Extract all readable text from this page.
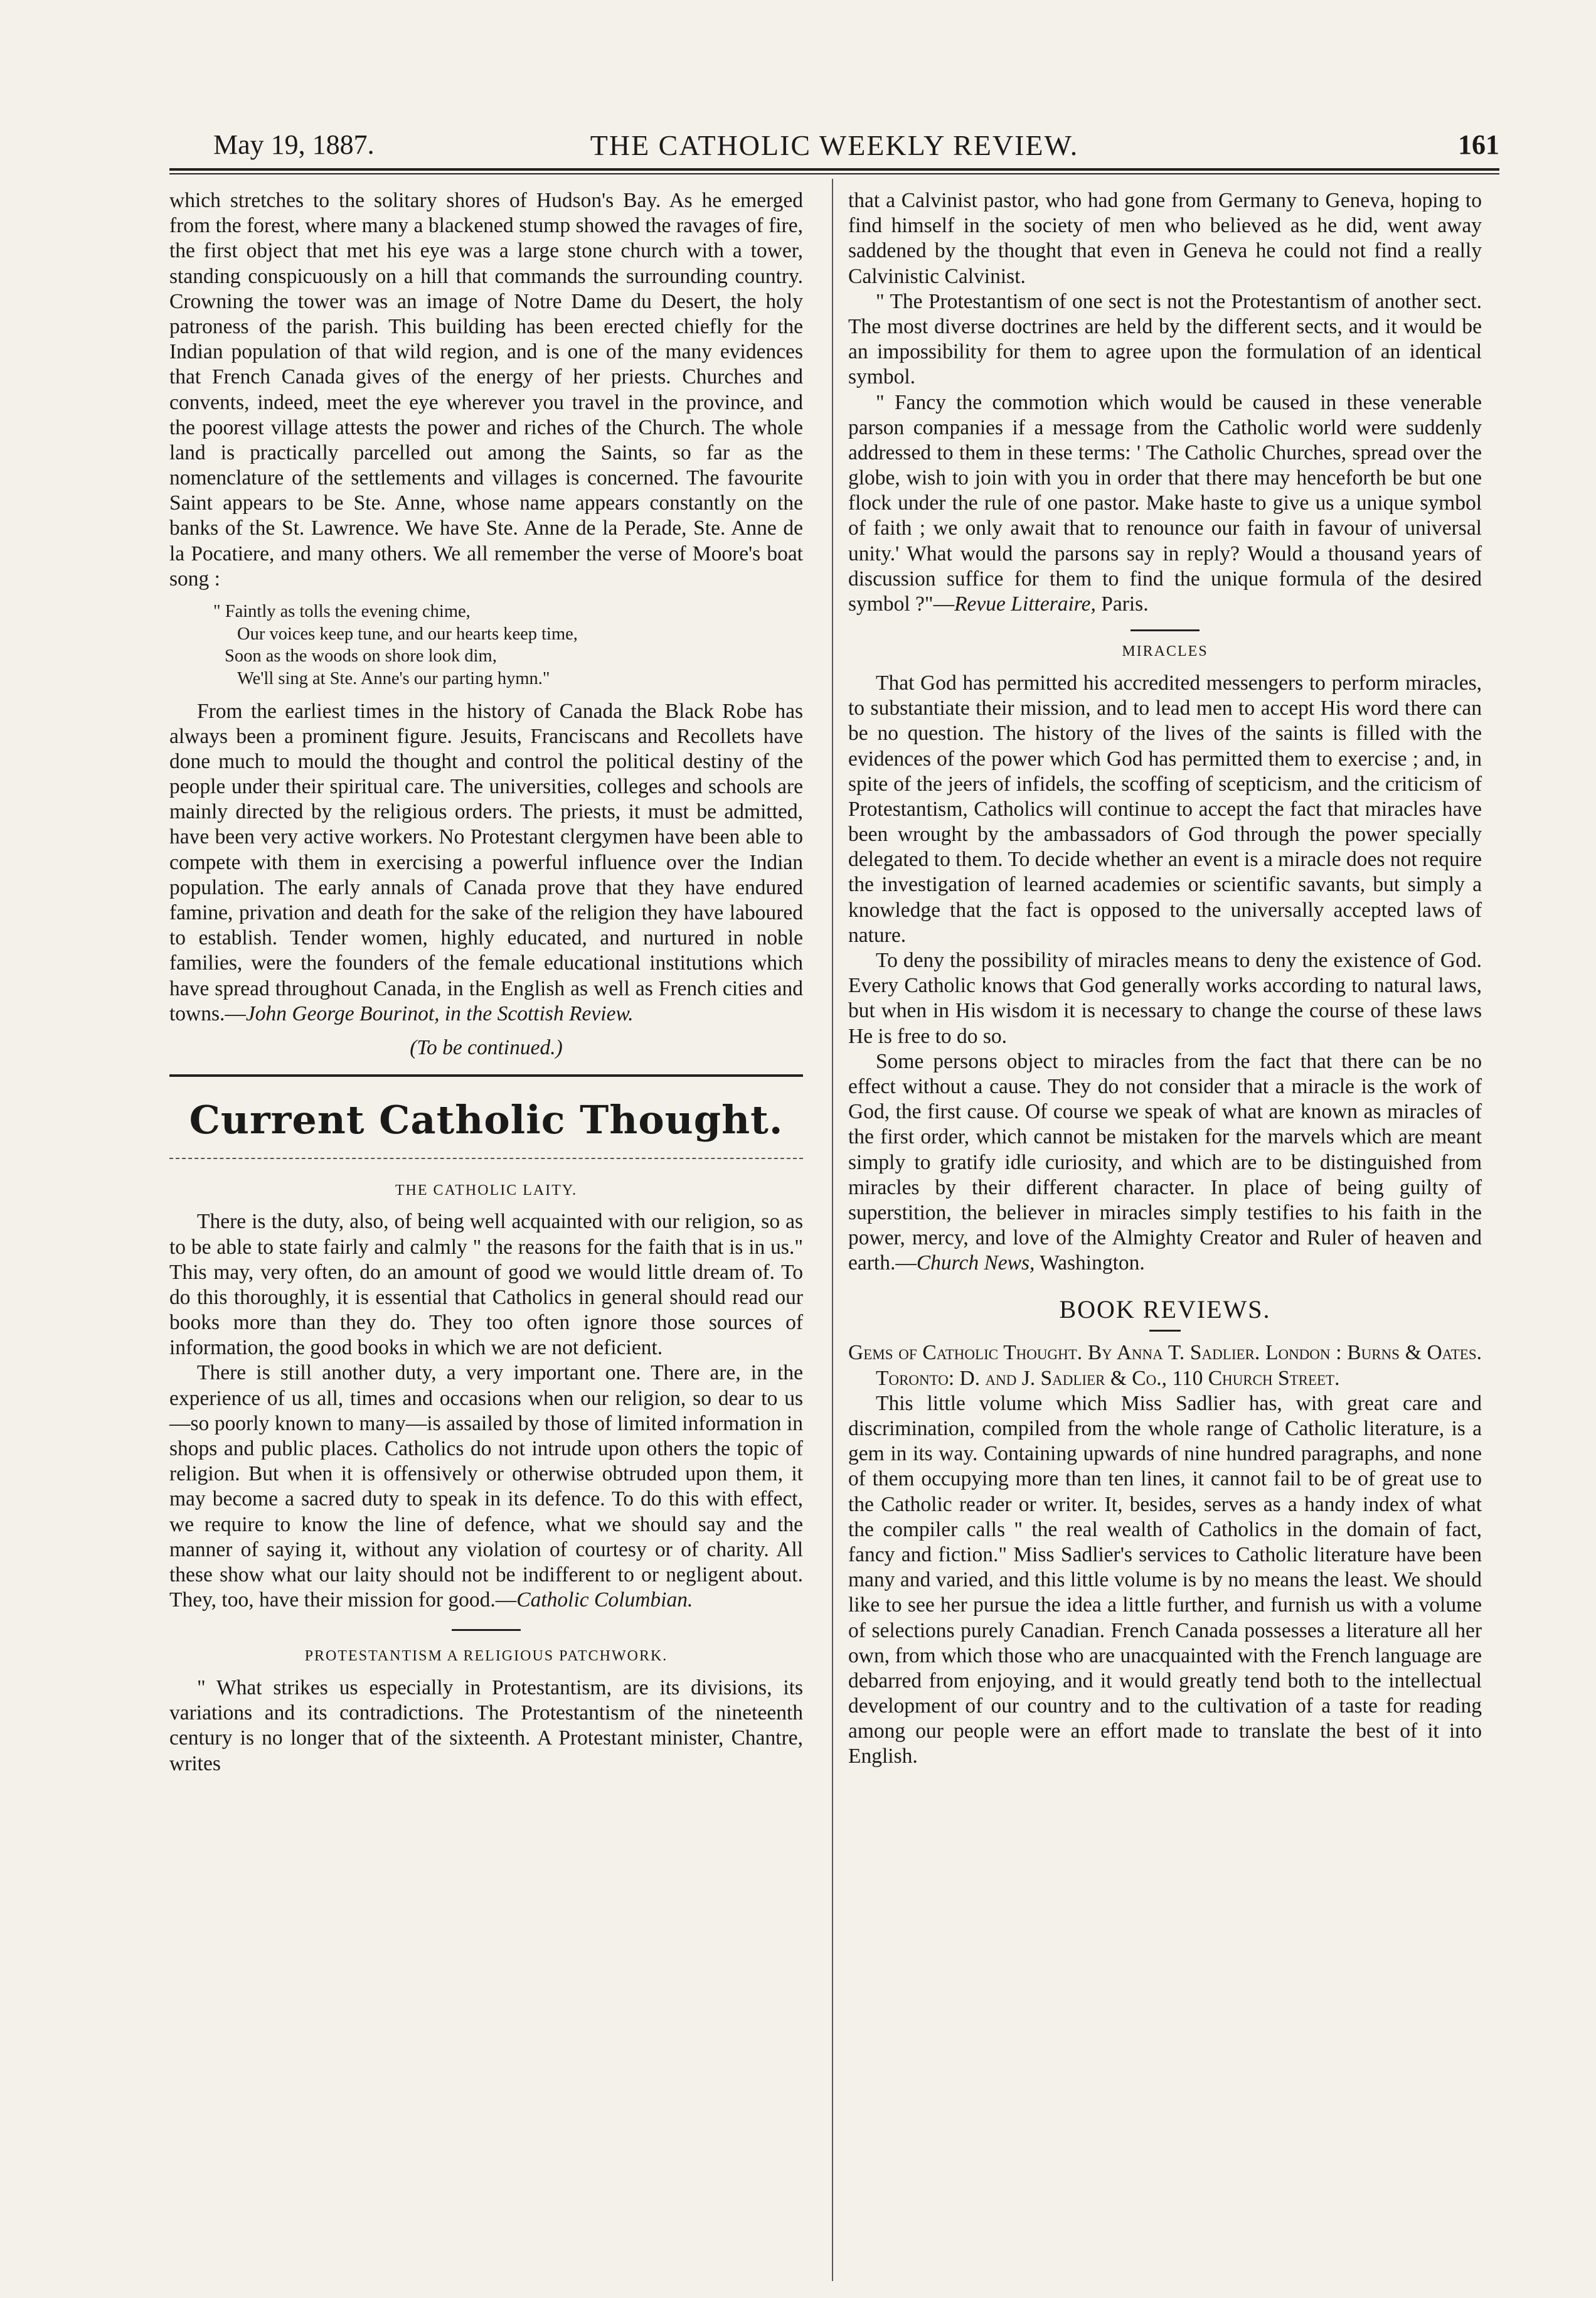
May 19, 1887.	THE CATHOLIC WEEKLY REVIEW.	161

which stretches to the solitary shores of Hudson's Bay. As he emerged from the forest, where many a blackened stump showed the ravages of fire, the first object that met his eye was a large stone church with a tower, standing conspicuously on a hill that commands the surrounding country. Crowning the tower was an image of Notre Dame du Desert, the holy patroness of the parish. This building has been erected chiefly for the Indian population of that wild region, and is one of the many evidences that French Canada gives of the energy of her priests. Churches and convents, indeed, meet the eye wherever you travel in the province, and the poorest village attests the power and riches of the Church. The whole land is practically parcelled out among the Saints, so far as the nomenclature of the settlements and villages is concerned. The favourite Saint appears to be Ste. Anne, whose name appears constantly on the banks of the St. Lawrence. We have Ste. Anne de la Perade, Ste. Anne de la Pocatiere, and many others. We all remember the verse of Moore's boat song :

" Faintly as tolls the evening chime,
Our voices keep tune, and our hearts keep time,
Soon as the woods on shore look dim,
We'll sing at Ste. Anne's our parting hymn."

From the earliest times in the history of Canada the Black Robe has always been a prominent figure. Jesuits, Franciscans and Recollets have done much to mould the thought and control the political destiny of the people under their spiritual care. The universities, colleges and schools are mainly directed by the religious orders. The priests, it must be admitted, have been very active workers. No Protestant clergymen have been able to compete with them in exercising a powerful influence over the Indian population. The early annals of Canada prove that they have endured famine, privation and death for the sake of the religion they have laboured to establish. Tender women, highly educated, and nurtured in noble families, were the founders of the female educational institutions which have spread throughout Canada, in the English as well as French cities and towns.—John George Bourinot, in the Scottish Review.

(To be continued.)
Current Catholic Thought.
THE CATHOLIC LAITY.

There is the duty, also, of being well acquainted with our religion, so as to be able to state fairly and calmly " the reasons for the faith that is in us." This may, very often, do an amount of good we would little dream of. To do this thoroughly, it is essential that Catholics in general should read our books more than they do. They too often ignore those sources of information, the good books in which we are not deficient.

There is still another duty, a very important one. There are, in the experience of us all, times and occasions when our religion, so dear to us—so poorly known to many—is assailed by those of limited information in shops and public places. Catholics do not intrude upon others the topic of religion. But when it is offensively or otherwise obtruded upon them, it may become a sacred duty to speak in its defence. To do this with effect, we require to know the line of defence, what we should say and the manner of saying it, without any violation of courtesy or of charity. All these show what our laity should not be indifferent to or negligent about. They, too, have their mission for good.—Catholic Columbian.

PROTESTANTISM A RELIGIOUS PATCHWORK.

" What strikes us especially in Protestantism, are its divisions, its variations and its contradictions. The Protestantism of the nineteenth century is no longer that of the sixteenth. A Protestant minister, Chantre, writes

that a Calvinist pastor, who had gone from Germany to Geneva, hoping to find himself in the society of men who believed as he did, went away saddened by the thought that even in Geneva he could not find a really Calvinistic Calvinist.

" The Protestantism of one sect is not the Protestantism of another sect. The most diverse doctrines are held by the different sects, and it would be an impossibility for them to agree upon the formulation of an identical symbol.

" Fancy the commotion which would be caused in these venerable parson companies if a message from the Catholic world were suddenly addressed to them in these terms: ' The Catholic Churches, spread over the globe, wish to join with you in order that there may henceforth be but one flock under the rule of one pastor. Make haste to give us a unique symbol of faith ; we only await that to renounce our faith in favour of universal unity.' What would the parsons say in reply? Would a thousand years of discussion suffice for them to find the unique formula of the desired symbol ?"—Revue Litteraire, Paris.

MIRACLES

That God has permitted his accredited messengers to perform miracles, to substantiate their mission, and to lead men to accept His word there can be no question. The history of the lives of the saints is filled with the evidences of the power which God has permitted them to exercise ; and, in spite of the jeers of infidels, the scoffing of scepticism, and the criticism of Protestantism, Catholics will continue to accept the fact that miracles have been wrought by the ambassadors of God through the power specially delegated to them. To decide whether an event is a miracle does not require the investigation of learned academies or scientific savants, but simply a knowledge that the fact is opposed to the universally accepted laws of nature.

To deny the possibility of miracles means to deny the existence of God. Every Catholic knows that God generally works according to natural laws, but when in His wisdom it is necessary to change the course of these laws He is free to do so.

Some persons object to miracles from the fact that there can be no effect without a cause. They do not consider that a miracle is the work of God, the first cause. Of course we speak of what are known as miracles of the first order, which cannot be mistaken for the marvels which are meant simply to gratify idle curiosity, and which are to be distinguished from miracles by their different character. In place of being guilty of superstition, the believer in miracles simply testifies to his faith in the power, mercy, and love of the Almighty Creator and Ruler of heaven and earth.—Church News, Washington.

BOOK REVIEWS.

Gems of Catholic Thought. By Anna T. Sadlier. London : Burns & Oates. Toronto: D. and J. Sadlier & Co., 110 Church Street.

This little volume which Miss Sadlier has, with great care and discrimination, compiled from the whole range of Catholic literature, is a gem in its way. Containing upwards of nine hundred paragraphs, and none of them occupying more than ten lines, it cannot fail to be of great use to the Catholic reader or writer. It, besides, serves as a handy index of what the compiler calls " the real wealth of Catholics in the domain of fact, fancy and fiction." Miss Sadlier's services to Catholic literature have been many and varied, and this little volume is by no means the least. We should like to see her pursue the idea a little further, and furnish us with a volume of selections purely Canadian. French Canada possesses a literature all her own, from which those who are unacquainted with the French language are debarred from enjoying, and it would greatly tend both to the intellectual development of our country and to the cultivation of a taste for reading among our people were an effort made to translate the best of it into English.
